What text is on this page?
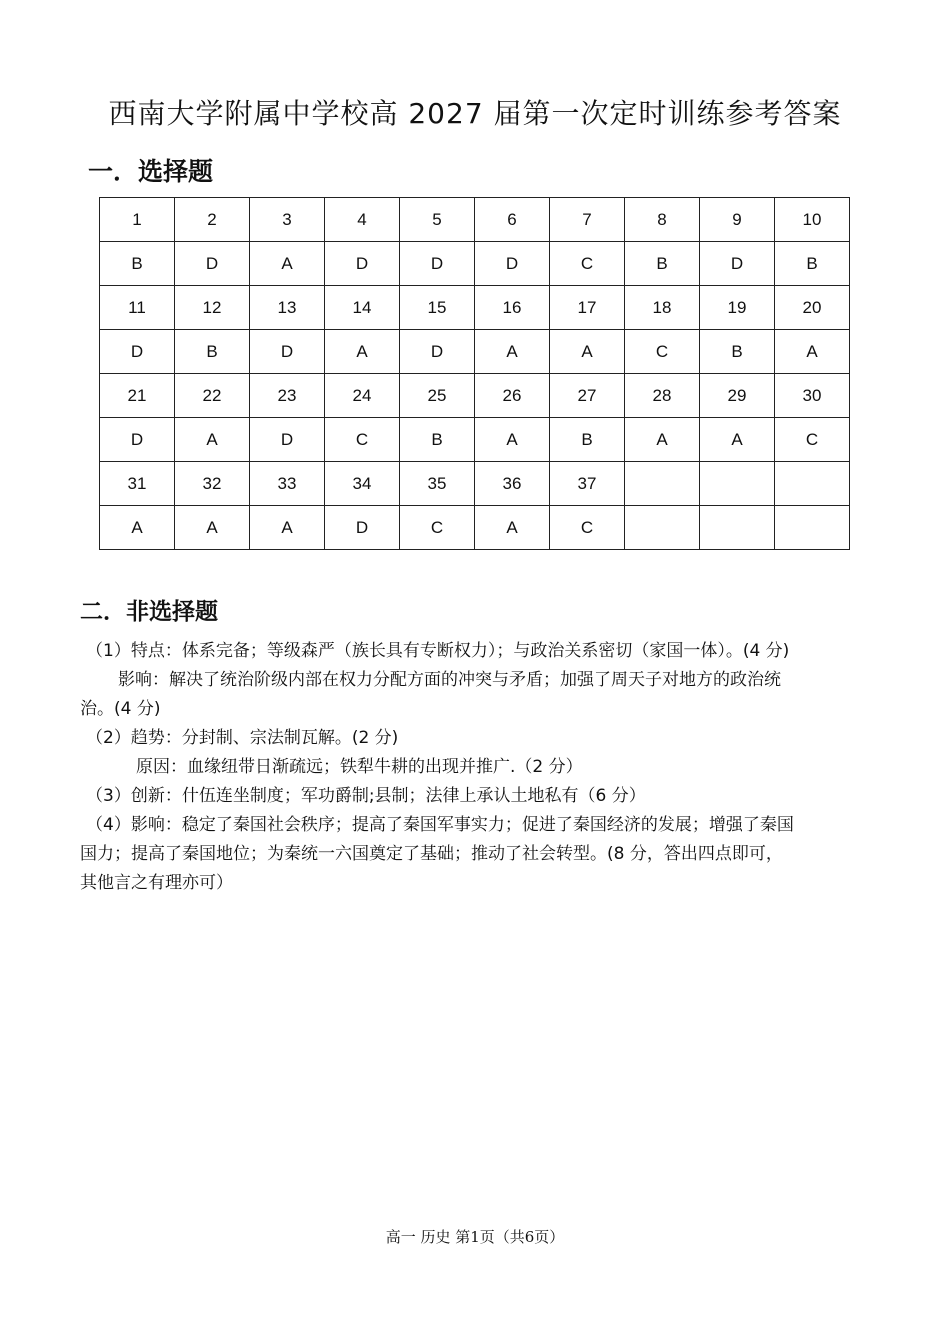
西南大学附属中学校高 2027 届第一次定时训练参考答案
一．选择题
1	2	3	4	5	6	7	8	9	10
B	D	A	D	D	D	C	B	D	B
11	12	13	14	15	16	17	18	19	20
D	B	D	A	D	A	A	C	B	A
21	22	23	24	25	26	27	28	29	30
D	A	D	C	B	A	B	A	A	C
31	32	33	34	35	36	37			
A	A	A	D	C	A	C			
二．非选择题
（1）特点：体系完备；等级森严（族长具有专断权力）；与政治关系密切（家国一体）。(4 分)
影响：解决了统治阶级内部在权力分配方面的冲突与矛盾；加强了周天子对地方的政治统
治。(4 分)
（2）趋势：分封制、宗法制瓦解。(2 分)
原因：血缘纽带日渐疏远；铁犁牛耕的出现并推广.（2 分）
（3）创新：什伍连坐制度；军功爵制;县制；法律上承认土地私有（6 分）
（4）影响：稳定了秦国社会秩序；提高了秦国军事实力；促进了秦国经济的发展；增强了秦国
国力；提高了秦国地位；为秦统一六国奠定了基础；推动了社会转型。(8 分，答出四点即可，
其他言之有理亦可）
高一 历史 第1页（共6页）
